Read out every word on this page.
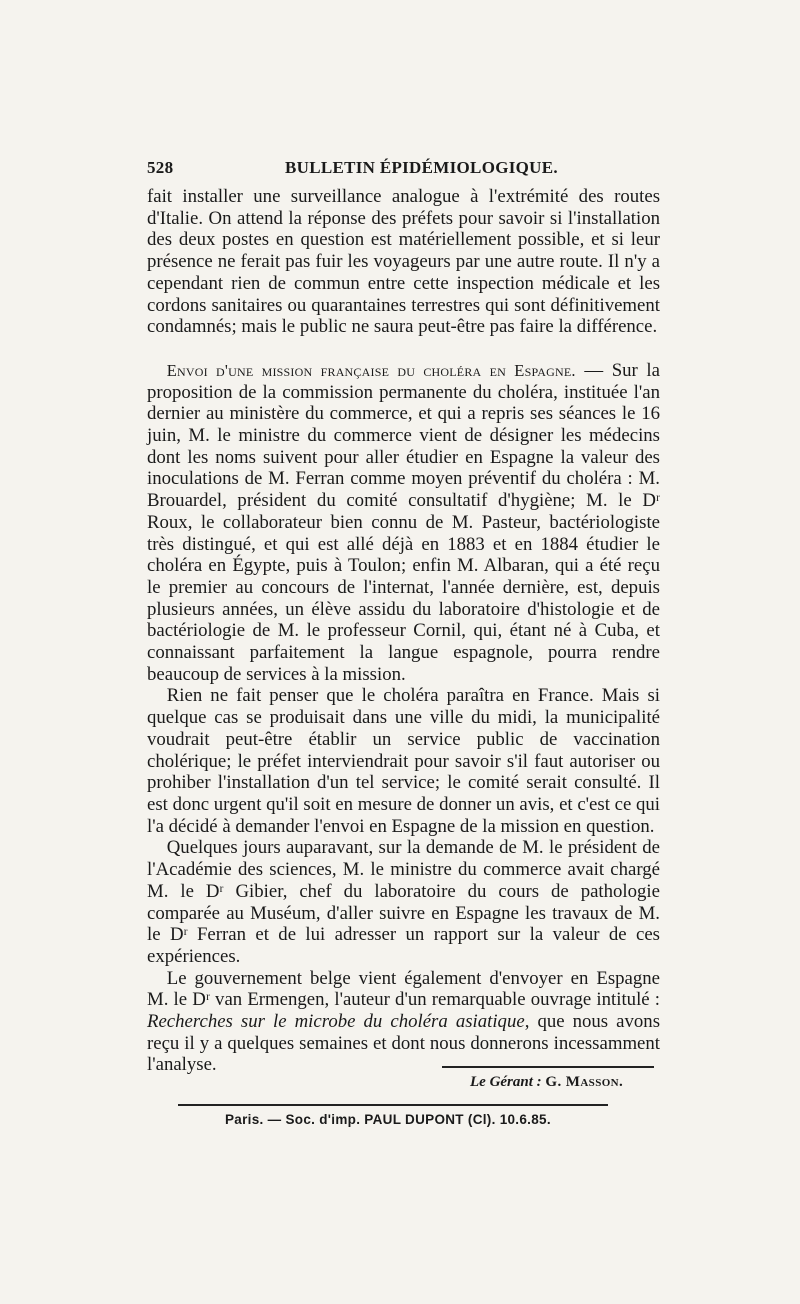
528	BULLETIN ÉPIDÉMIOLOGIQUE.

fait installer une surveillance analogue à l'extrémité des routes d'Italie. On attend la réponse des préfets pour savoir si l'installation des deux postes en question est matériellement possible, et si leur présence ne ferait pas fuir les voyageurs par une autre route. Il n'y a cependant rien de commun entre cette inspection médicale et les cordons sanitaires ou quarantaines terrestres qui sont définitivement condamnés; mais le public ne saura peut-être pas faire la différence.

Envoi d'une mission française du choléra en Espagne. — Sur la proposition de la commission permanente du choléra, instituée l'an dernier au ministère du commerce, et qui a repris ses séances le 16 juin, M. le ministre du commerce vient de désigner les médecins dont les noms suivent pour aller étudier en Espagne la valeur des inoculations de M. Ferran comme moyen préventif du choléra : M. Brouardel, président du comité consultatif d'hygiène; M. le Dʳ Roux, le collaborateur bien connu de M. Pasteur, bactériologiste très distingué, et qui est allé déjà en 1883 et en 1884 étudier le choléra en Égypte, puis à Toulon; enfin M. Albaran, qui a été reçu le premier au concours de l'internat, l'année dernière, est, depuis plusieurs années, un élève assidu du laboratoire d'histologie et de bactériologie de M. le professeur Cornil, qui, étant né à Cuba, et connaissant parfaitement la langue espagnole, pourra rendre beaucoup de services à la mission.

Rien ne fait penser que le choléra paraîtra en France. Mais si quelque cas se produisait dans une ville du midi, la municipalité voudrait peut-être établir un service public de vaccination cholérique; le préfet interviendrait pour savoir s'il faut autoriser ou prohiber l'installation d'un tel service; le comité serait consulté. Il est donc urgent qu'il soit en mesure de donner un avis, et c'est ce qui l'a décidé à demander l'envoi en Espagne de la mission en question.

Quelques jours auparavant, sur la demande de M. le président de l'Académie des sciences, M. le ministre du commerce avait chargé M. le Dʳ Gibier, chef du laboratoire du cours de pathologie comparée au Muséum, d'aller suivre en Espagne les travaux de M. le Dʳ Ferran et de lui adresser un rapport sur la valeur de ces expériences.

Le gouvernement belge vient également d'envoyer en Espagne M. le Dʳ van Ermengen, l'auteur d'un remarquable ouvrage intitulé : Recherches sur le microbe du choléra asiatique, que nous avons reçu il y a quelques semaines et dont nous donnerons incessamment l'analyse.

Le Gérant : G. Masson.
Paris. — Soc. d'imp. PAUL DUPONT (Cl). 10.6.85.
